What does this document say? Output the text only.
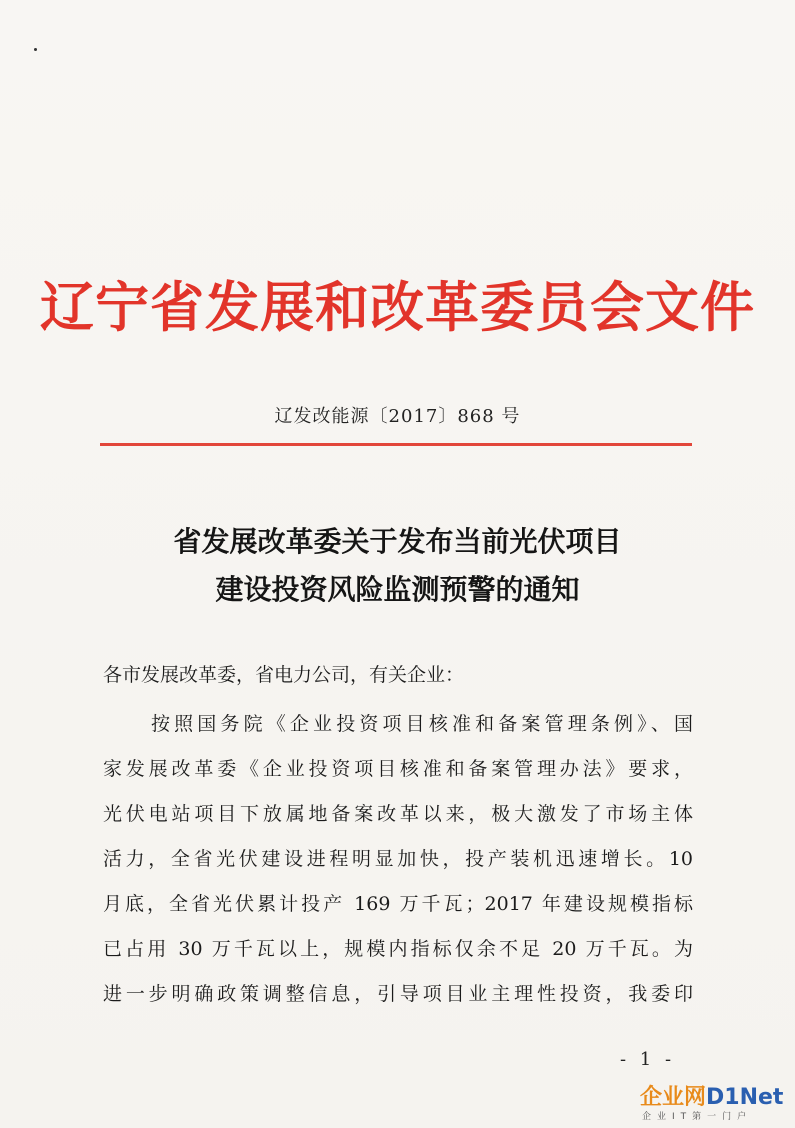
辽宁省发展和改革委员会文件
辽发改能源〔2017〕868 号
省发展改革委关于发布当前光伏项目
建设投资风险监测预警的通知
各市发展改革委，省电力公司，有关企业：
按照国务院《企业投资项目核准和备案管理条例》、国
家发展改革委《企业投资项目核准和备案管理办法》要求，
光伏电站项目下放属地备案改革以来，极大激发了市场主体
活力，全省光伏建设进程明显加快，投产装机迅速增长。10
月底，全省光伏累计投产 169 万千瓦；2017 年建设规模指标
已占用 30 万千瓦以上，规模内指标仅余不足 20 万千瓦。为
进一步明确政策调整信息，引导项目业主理性投资，我委印
- 1 -
企业网D1Net
企业IT第一门户
